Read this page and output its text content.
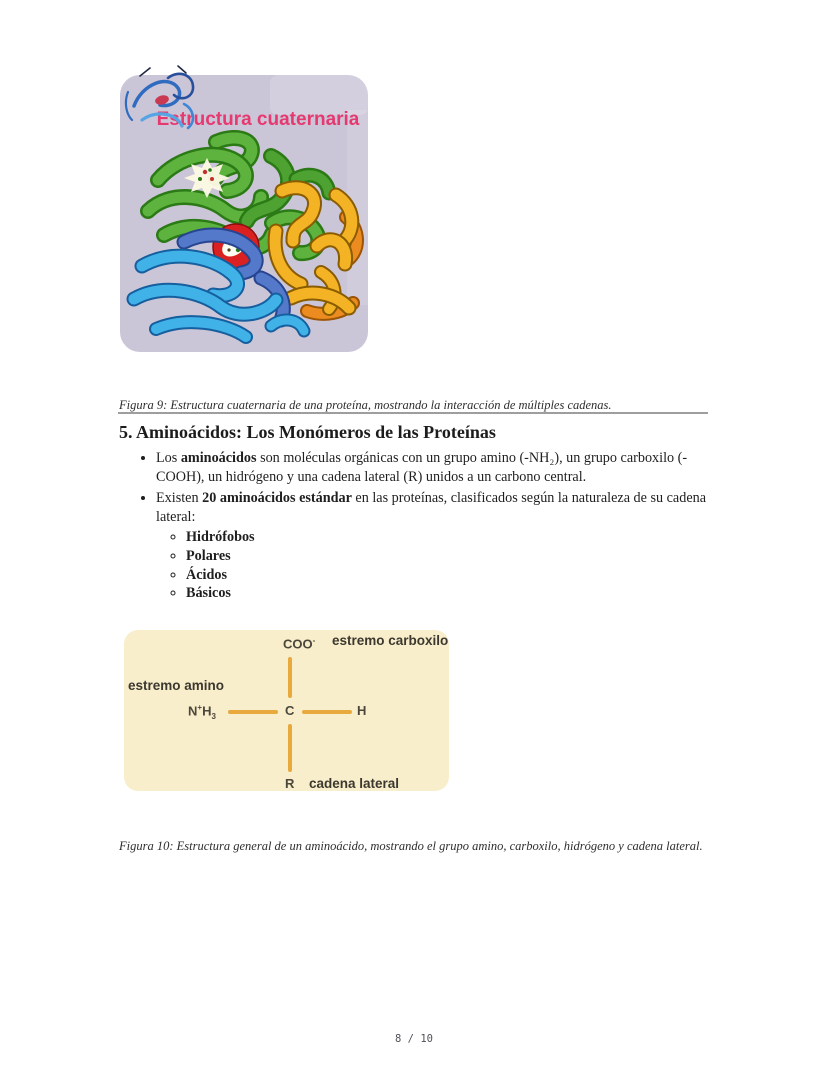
Estructura cuaternaria

Figura 9: Estructura cuaternaria de una proteína, mostrando la interacción de múltiples cadenas.

5. Aminoácidos: Los Monómeros de las Proteínas
• Los aminoácidos son moléculas orgánicas con un grupo amino (-NH₂), un grupo carboxilo (-COOH), un hidrógeno y una cadena lateral (R) unidos a un carbono central.
• Existen 20 aminoácidos estándar en las proteínas, clasificados según la naturaleza de su cadena lateral:
◦ Hidrófobos
◦ Polares
◦ Ácidos
◦ Básicos
COO- estremo carboxilo
estremo amino
$N^+H_3$	C	H
R cadena lateral

Figura 10: Estructura general de un aminoácido, mostrando el grupo amino, carboxilo, hidrógeno y cadena lateral.

8 / 10
